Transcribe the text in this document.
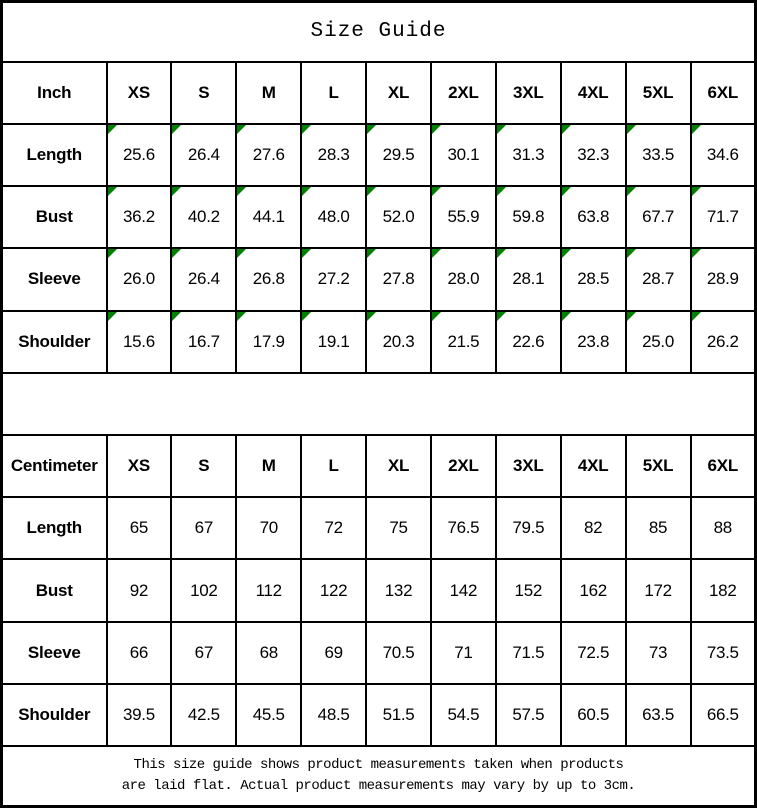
Size Guide										
Inch	XS	S	M	L	XL	2XL	3XL	4XL	5XL	6XL
Length	25.6	26.4	27.6	28.3	29.5	30.1	31.3	32.3	33.5	34.6
Bust	36.2	40.2	44.1	48.0	52.0	55.9	59.8	63.8	67.7	71.7
Sleeve	26.0	26.4	26.8	27.2	27.8	28.0	28.1	28.5	28.7	28.9
Shoulder	15.6	16.7	17.9	19.1	20.3	21.5	22.6	23.8	25.0	26.2

Centimeter	XS	S	M	L	XL	2XL	3XL	4XL	5XL	6XL
Length	65	67	70	72	75	76.5	79.5	82	85	88
Bust	92	102	112	122	132	142	152	162	172	182
Sleeve	66	67	68	69	70.5	71	71.5	72.5	73	73.5
Shoulder	39.5	42.5	45.5	48.5	51.5	54.5	57.5	60.5	63.5	66.5

This size guide shows product measurements taken when products
are laid flat. Actual product measurements may vary by up to 3cm.										
